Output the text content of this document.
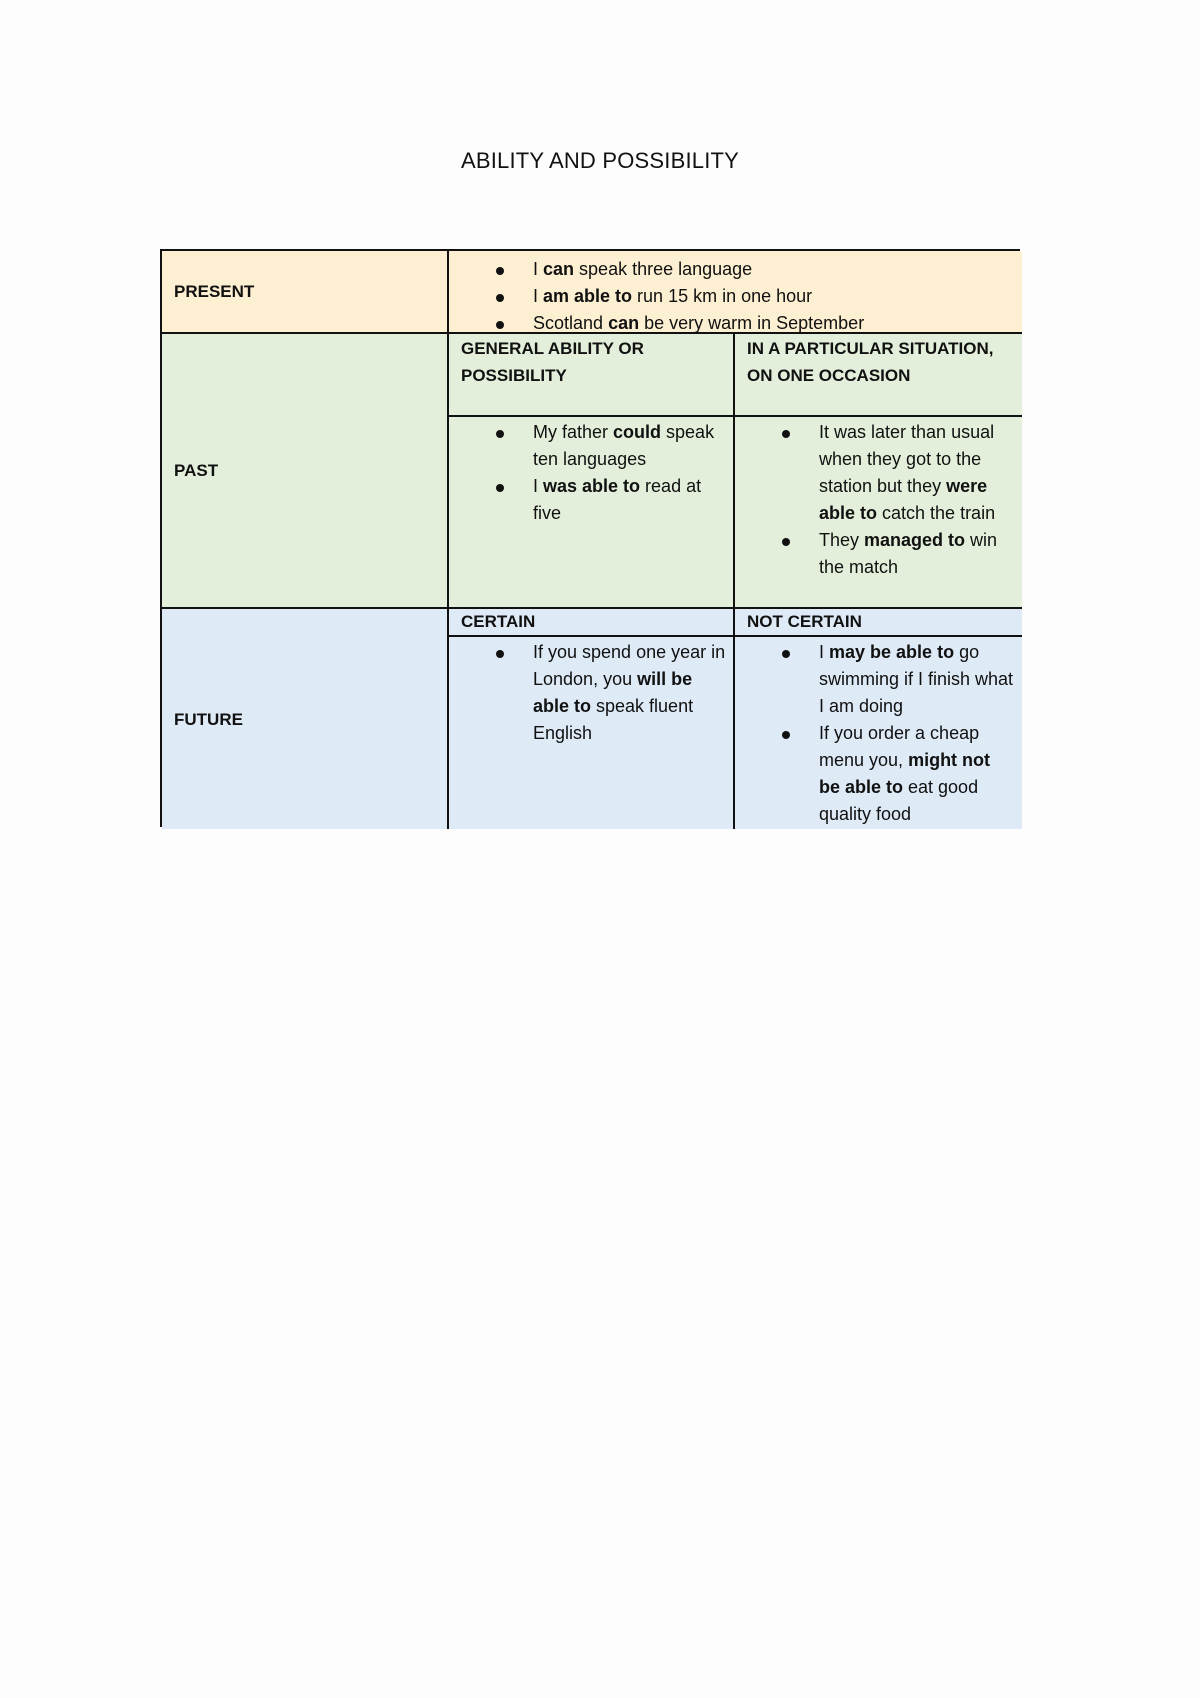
ABILITY AND POSSIBILITY
PRESENT
I can speak three language
I am able to run 15 km in one hour
Scotland can be very warm in September
PAST
GENERAL ABILITY OR POSSIBILITY
IN A PARTICULAR SITUATION, ON ONE OCCASION
My father could speak ten languages
I was able to read at five
It was later than usual when they got to the station but they were able to catch the train
They managed to win the match
FUTURE
CERTAIN	NOT CERTAIN
If you spend one year in London, you will be able to speak fluent English
I may be able to go swimming if I finish what I am doing
If you order a cheap menu you, might not be able to eat good quality food
